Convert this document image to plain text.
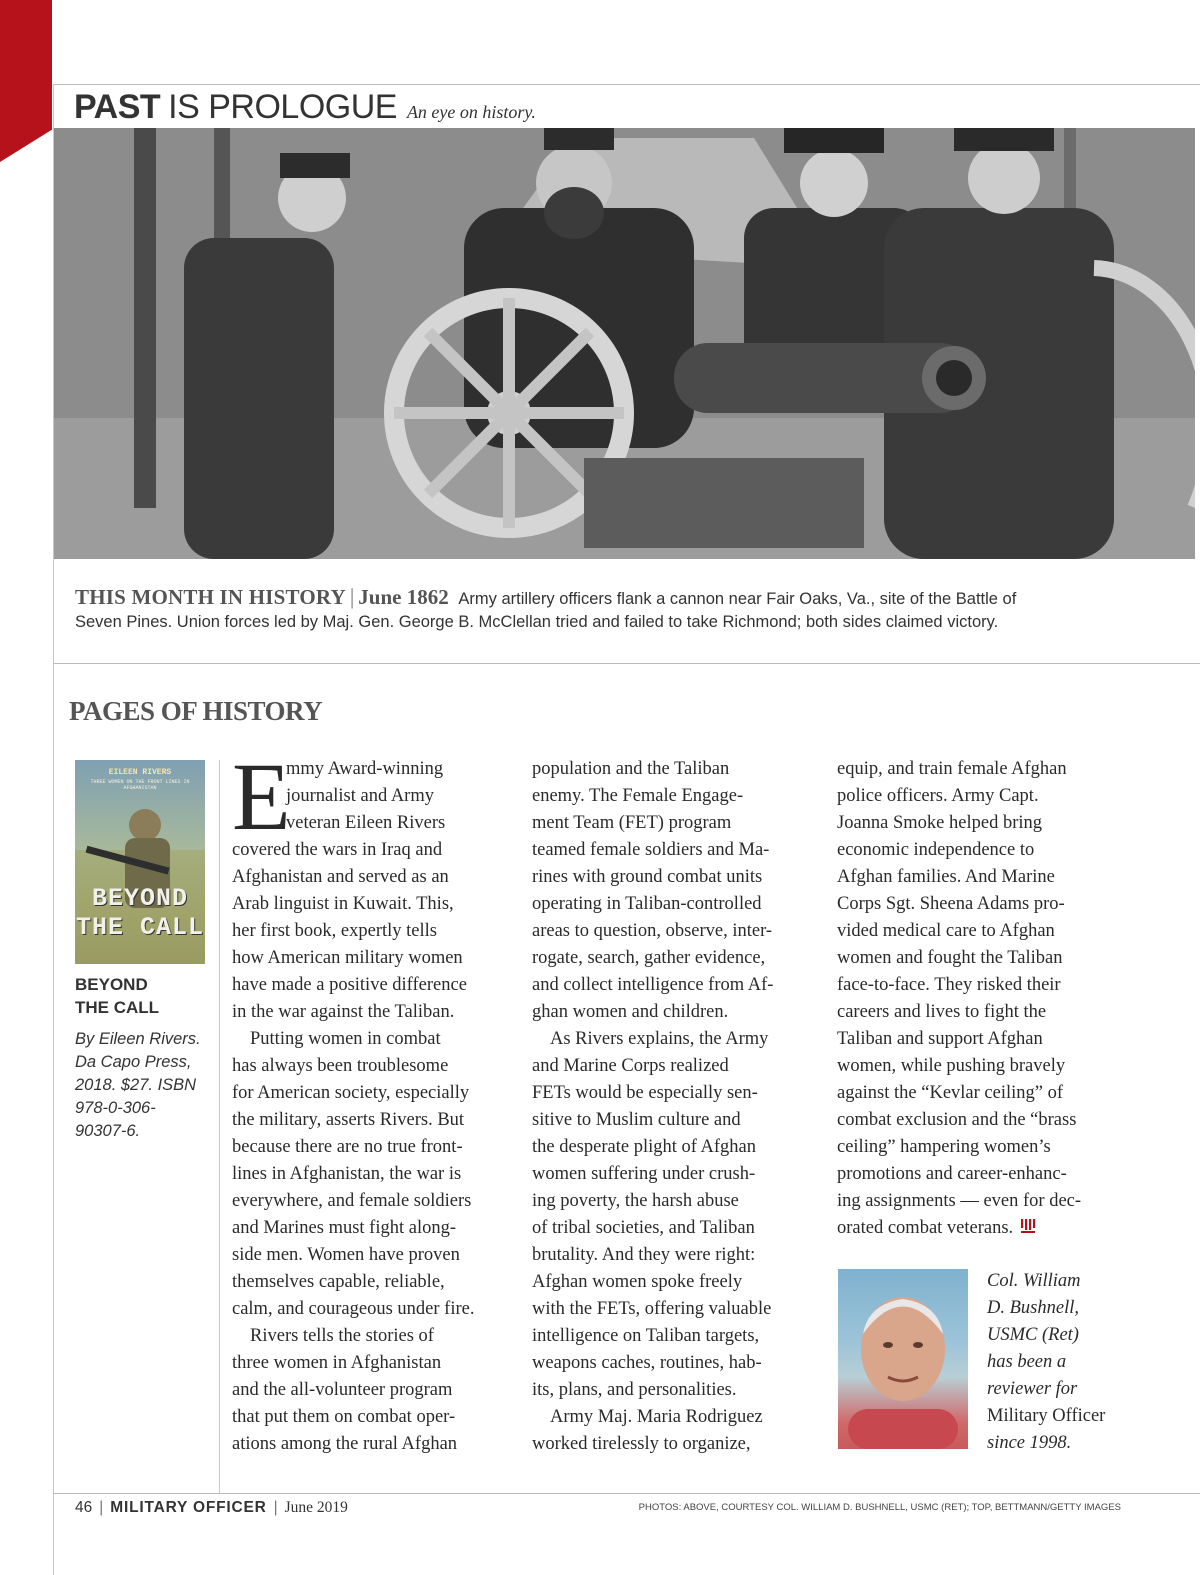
PAST IS PROLOGUE An eye on history.
THIS MONTH IN HISTORY | June 1862 Army artillery officers flank a cannon near Fair Oaks, Va., site of the Battle of
Seven Pines. Union forces led by Maj. Gen. George B. McClellan tried and failed to take Richmond; both sides claimed victory.
PAGES OF HISTORY
EILEEN RIVERS
THREE WOMEN ON THE FRONT LINES IN AFGHANISTAN
BEYOND
THE CALL
BEYOND
THE CALL
By Eileen Rivers.
Da Capo Press,
2018. $27. ISBN
978-0-306-
90307-6.
E
mmy Award-winning
journalist and Army
veteran Eileen Rivers
covered the wars in Iraq and
Afghanistan and served as an
Arab linguist in Kuwait. This,
her first book, expertly tells
how American military women
have made a positive difference
in the war against the Taliban.
Putting women in combat
has always been troublesome
for American society, especially
the military, asserts Rivers. But
because there are no true front-
lines in Afghanistan, the war is
everywhere, and female soldiers
and Marines must fight along-
side men. Women have proven
themselves capable, reliable,
calm, and courageous under fire.
Rivers tells the stories of
three women in Afghanistan
and the all-volunteer program
that put them on combat oper-
ations among the rural Afghan
population and the Taliban
enemy. The Female Engage-
ment Team (FET) program
teamed female soldiers and Ma-
rines with ground combat units
operating in Taliban-controlled
areas to question, observe, inter-
rogate, search, gather evidence,
and collect intelligence from Af-
ghan women and children.
As Rivers explains, the Army
and Marine Corps realized
FETs would be especially sen-
sitive to Muslim culture and
the desperate plight of Afghan
women suffering under crush-
ing poverty, the harsh abuse
of tribal societies, and Taliban
brutality. And they were right:
Afghan women spoke freely
with the FETs, offering valuable
intelligence on Taliban targets,
weapons caches, routines, hab-
its, plans, and personalities.
Army Maj. Maria Rodriguez
worked tirelessly to organize,
equip, and train female Afghan
police officers. Army Capt.
Joanna Smoke helped bring
economic independence to
Afghan families. And Marine
Corps Sgt. Sheena Adams pro-
vided medical care to Afghan
women and fought the Taliban
face-to-face. They risked their
careers and lives to fight the
Taliban and support Afghan
women, while pushing bravely
against the “Kevlar ceiling” of
combat exclusion and the “brass
ceiling” hampering women’s
promotions and career-enhanc-
ing assignments — even for dec-
orated combat veterans.
Col. William
D. Bushnell,
USMC (Ret)
has been a
reviewer for
Military Officer
since 1998.
46 | MILITARY OFFICER | June 2019	PHOTOS: ABOVE, COURTESY COL. WILLIAM D. BUSHNELL, USMC (RET); TOP, BETTMANN/GETTY IMAGES
